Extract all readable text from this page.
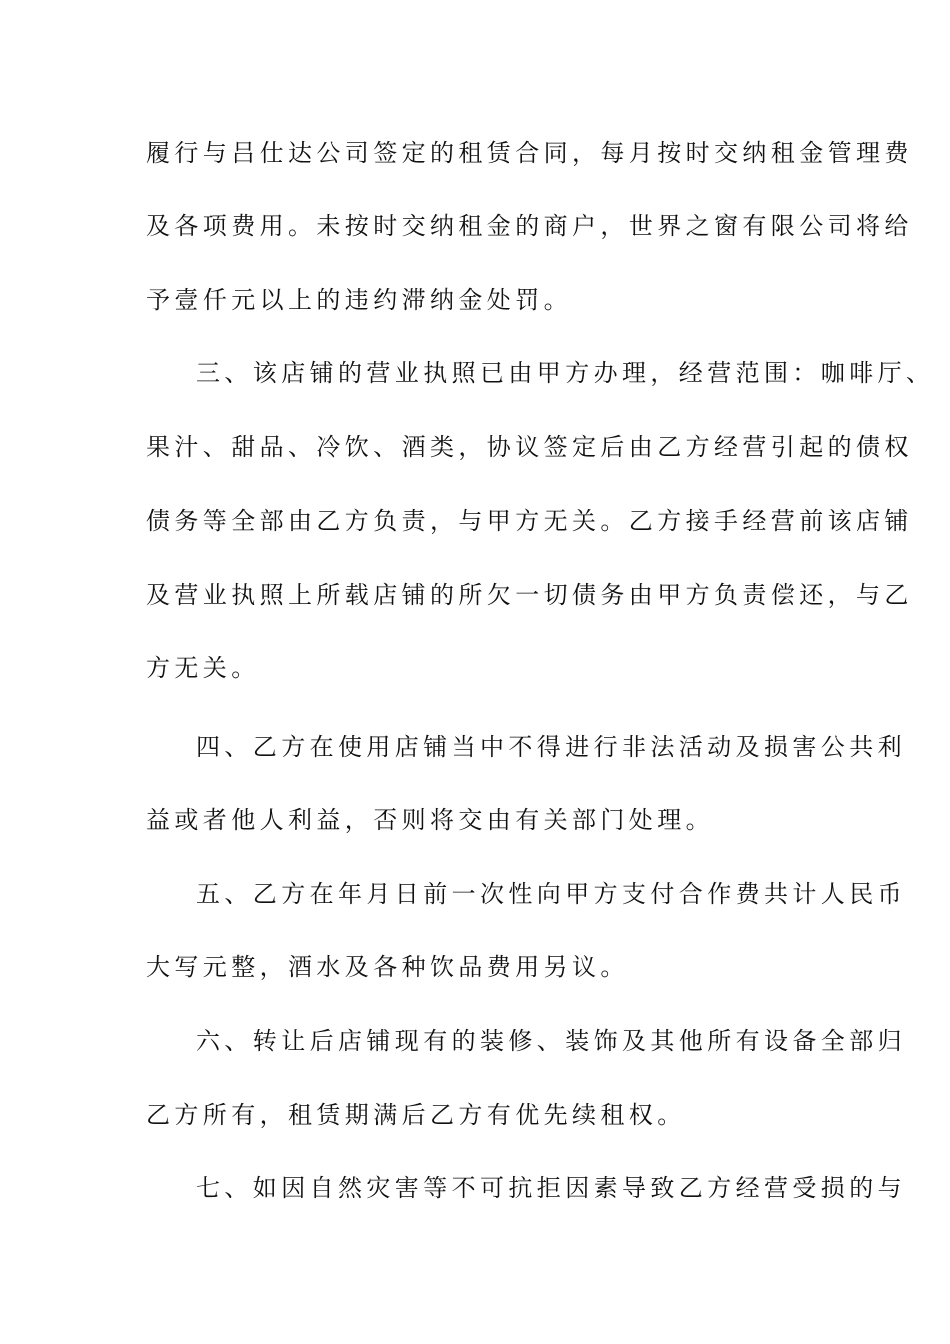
履行与吕仕达公司签定的租赁合同，每月按时交纳租金管理费
及各项费用。未按时交纳租金的商户，世界之窗有限公司将给
予壹仟元以上的违约滞纳金处罚。
三、该店铺的营业执照已由甲方办理，经营范围：咖啡厅、
果汁、甜品、冷饮、酒类，协议签定后由乙方经营引起的债权
债务等全部由乙方负责，与甲方无关。乙方接手经营前该店铺
及营业执照上所载店铺的所欠一切债务由甲方负责偿还，与乙
方无关。
四、乙方在使用店铺当中不得进行非法活动及损害公共利
益或者他人利益，否则将交由有关部门处理。
五、乙方在年月日前一次性向甲方支付合作费共计人民币
大写元整，酒水及各种饮品费用另议。
六、转让后店铺现有的装修、装饰及其他所有设备全部归
乙方所有，租赁期满后乙方有优先续租权。
七、如因自然灾害等不可抗拒因素导致乙方经营受损的与
